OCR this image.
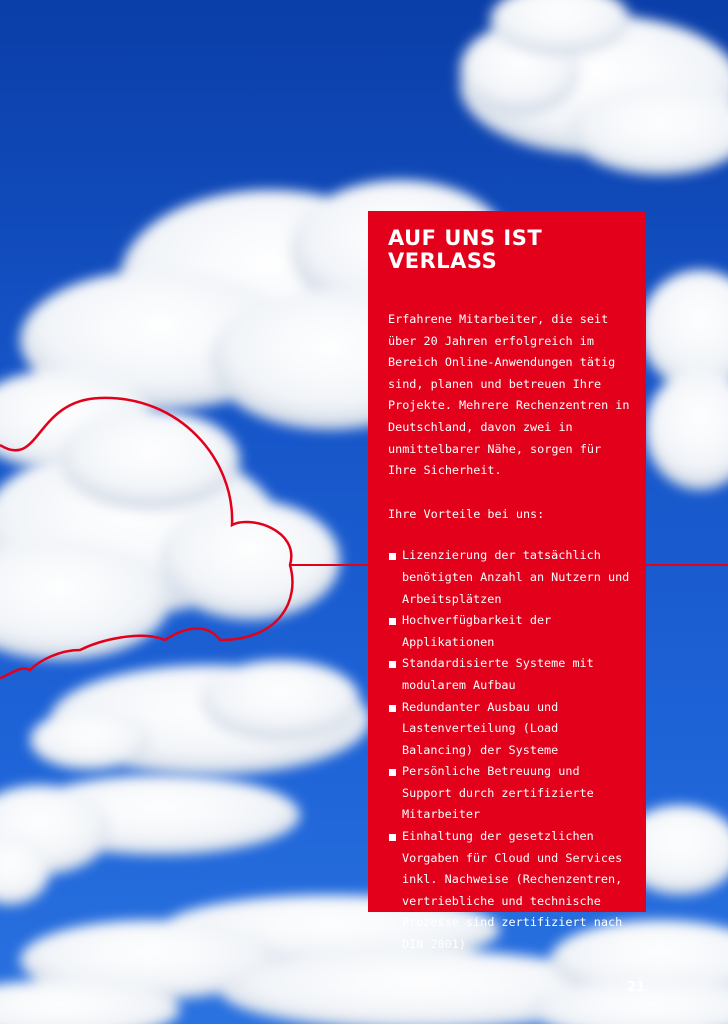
AUF UNS IST VERLASS

Erfahrene Mitarbeiter, die seit über 20 Jahren erfolgreich im Bereich Online-Anwendungen tätig sind, planen und betreuen Ihre Projekte. Mehrere Rechenzentren in Deutschland, davon zwei in unmittelbarer Nähe, sorgen für Ihre Sicherheit.

Ihre Vorteile bei uns:

Lizenzierung der tatsächlich benötigten Anzahl an Nutzern und Arbeitsplätzen
Hochverfügbarkeit der Applikationen
Standardisierte Systeme mit modularem Aufbau
Redundanter Ausbau und Lastenverteilung (Load Balancing) der Systeme
Persönliche Betreuung und Support durch zertifizierte Mitarbeiter
Einhaltung der gesetzlichen Vorgaben für Cloud und Services inkl. Nachweise (Rechenzentren, vertriebliche und technische Prozesse sind zertifiziert nach DIN 2001)
21
